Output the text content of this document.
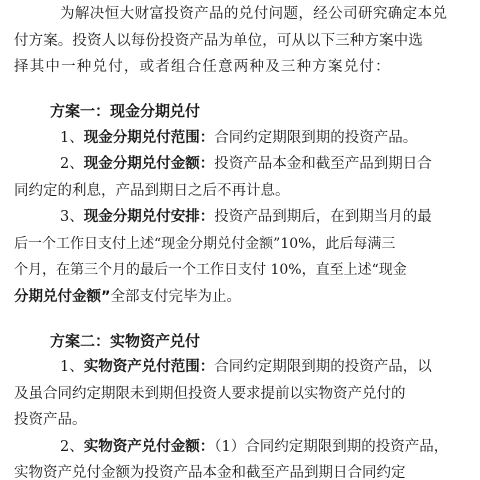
为解决恒大财富投资产品的兑付问题，经公司研究确定本兑
付方案。投资人以每份投资产品为单位，可从以下三种方案中选
择其中一种兑付，或者组合任意两种及三种方案兑付：
方案一：现金分期兑付
1、现金分期兑付范围：合同约定期限到期的投资产品。
2、现金分期兑付金额：投资产品本金和截至产品到期日合
同约定的利息，产品到期日之后不再计息。
3、现金分期兑付安排：投资产品到期后，在到期当月的最
后一个工作日支付上述“现金分期兑付金额”10%，此后每满三
个月，在第三个月的最后一个工作日支付 10%，直至上述“现金
分期兑付金额”全部支付完毕为止。
方案二：实物资产兑付
1、实物资产兑付范围：合同约定期限到期的投资产品，以
及虽合同约定期限未到期但投资人要求提前以实物资产兑付的
投资产品。
2、实物资产兑付金额：（1）合同约定期限到期的投资产品，
实物资产兑付金额为投资产品本金和截至产品到期日合同约定
